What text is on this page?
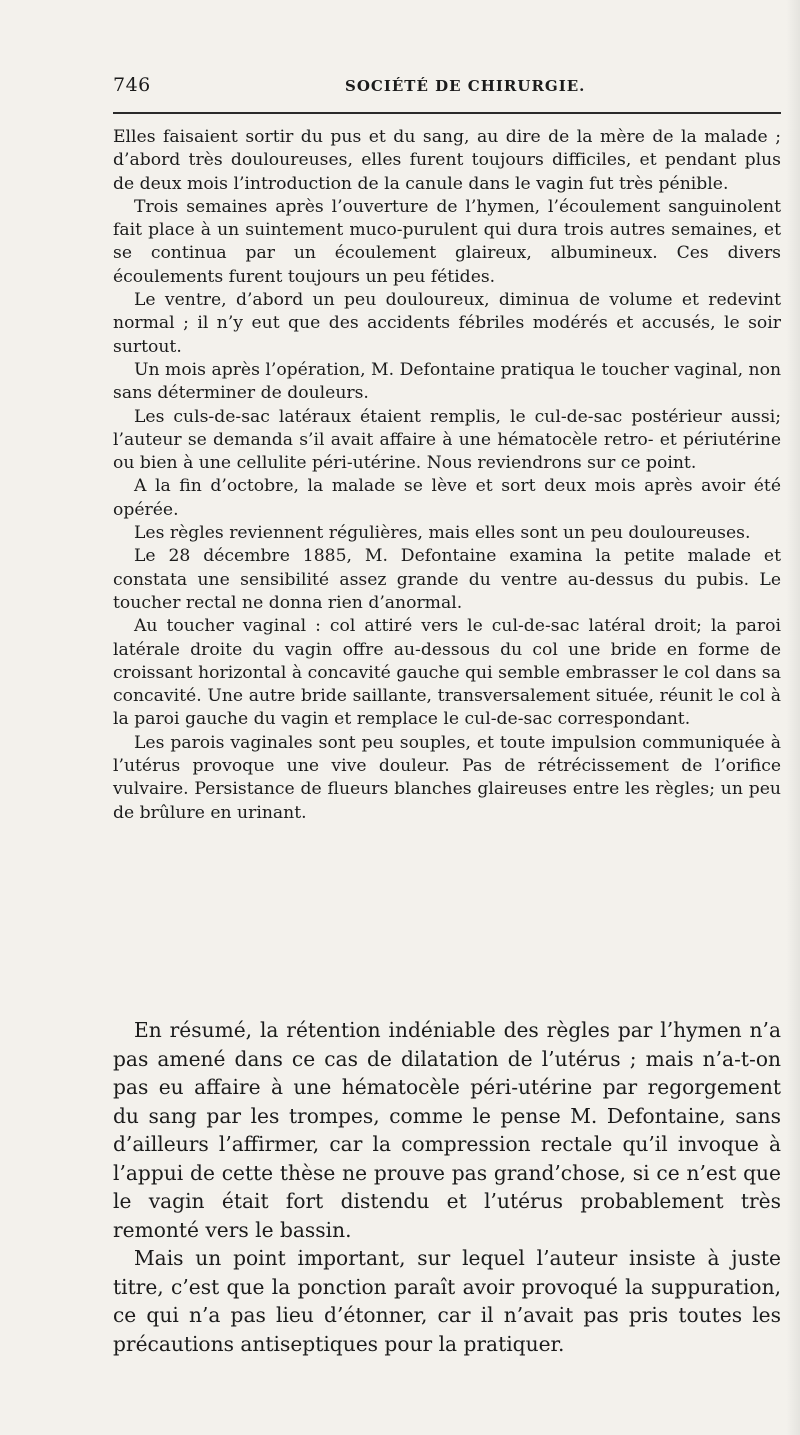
746	SOCIÉTÉ DE CHIRURGIE.

Elles faisaient sortir du pus et du sang, au dire de la mère de la malade ; d’abord très douloureuses, elles furent toujours difficiles, et pendant plus de deux mois l’introduction de la canule dans le vagin fut très pénible.

Trois semaines après l’ouverture de l’hymen, l’écoulement sanguinolent fait place à un suintement muco-purulent qui dura trois autres semaines, et se continua par un écoulement glaireux, albumineux. Ces divers écoulements furent toujours un peu fétides.

Le ventre, d’abord un peu douloureux, diminua de volume et redevint normal ; il n’y eut que des accidents fébriles modérés et accusés, le soir surtout.

Un mois après l’opération, M. Defontaine pratiqua le toucher vaginal, non sans déterminer de douleurs.

Les culs-de-sac latéraux étaient remplis, le cul-de-sac postérieur aussi; l’auteur se demanda s’il avait affaire à une hématocèle retro- et périutérine ou bien à une cellulite péri-utérine. Nous reviendrons sur ce point.

A la fin d’octobre, la malade se lève et sort deux mois après avoir été opérée.

Les règles reviennent régulières, mais elles sont un peu douloureuses.

Le 28 décembre 1885, M. Defontaine examina la petite malade et constata une sensibilité assez grande du ventre au-dessus du pubis. Le toucher rectal ne donna rien d’anormal.

Au toucher vaginal : col attiré vers le cul-de-sac latéral droit; la paroi latérale droite du vagin offre au-dessous du col une bride en forme de croissant horizontal à concavité gauche qui semble embrasser le col dans sa concavité. Une autre bride saillante, transversalement située, réunit le col à la paroi gauche du vagin et remplace le cul-de-sac correspondant.

Les parois vaginales sont peu souples, et toute impulsion communiquée à l’utérus provoque une vive douleur. Pas de rétrécissement de l’orifice vulvaire. Persistance de flueurs blanches glaireuses entre les règles; un peu de brûlure en urinant.

En résumé, la rétention indéniable des règles par l’hymen n’a pas amené dans ce cas de dilatation de l’utérus ; mais n’a-t-on pas eu affaire à une hématocèle péri-utérine par regorgement du sang par les trompes, comme le pense M. Defontaine, sans d’ailleurs l’affirmer, car la compression rectale qu’il invoque à l’appui de cette thèse ne prouve pas grand’chose, si ce n’est que le vagin était fort distendu et l’utérus probablement très remonté vers le bassin.

Mais un point important, sur lequel l’auteur insiste à juste titre, c’est que la ponction paraît avoir provoqué la suppuration, ce qui n’a pas lieu d’étonner, car il n’avait pas pris toutes les précautions antiseptiques pour la pratiquer.
